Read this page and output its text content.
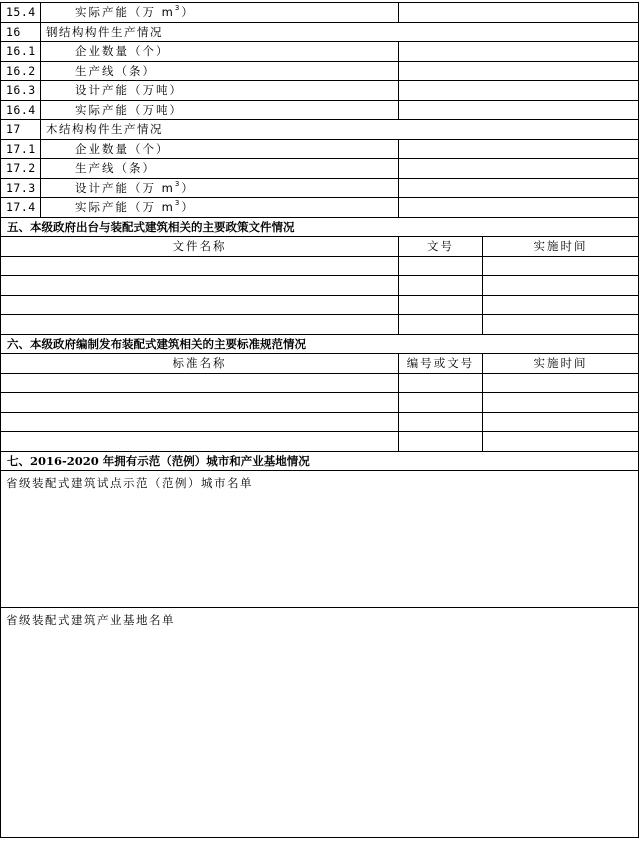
15.4	实际产能（万 $m^3$）		
16	钢结构构件生产情况		
16.1	企业数量（个）		
16.2	生产线（条）		
16.3	设计产能（万吨）		
16.4	实际产能（万吨）		
17	木结构构件生产情况		
17.1	企业数量（个）		
17.2	生产线（条）		
17.3	设计产能（万 $m^3$）		
17.4	实际产能（万 $m^3$）		
五、本级政府出台与装配式建筑相关的主要政策文件情况			
文件名称		文号	实施时间

六、本级政府编制发布装配式建筑相关的主要标准规范情况			
标准名称		编号或文号	实施时间

七、2016-2020 年拥有示范（范例）城市和产业基地情况			

省级装配式建筑试点示范（范例）城市名单			

省级装配式建筑产业基地名单			
